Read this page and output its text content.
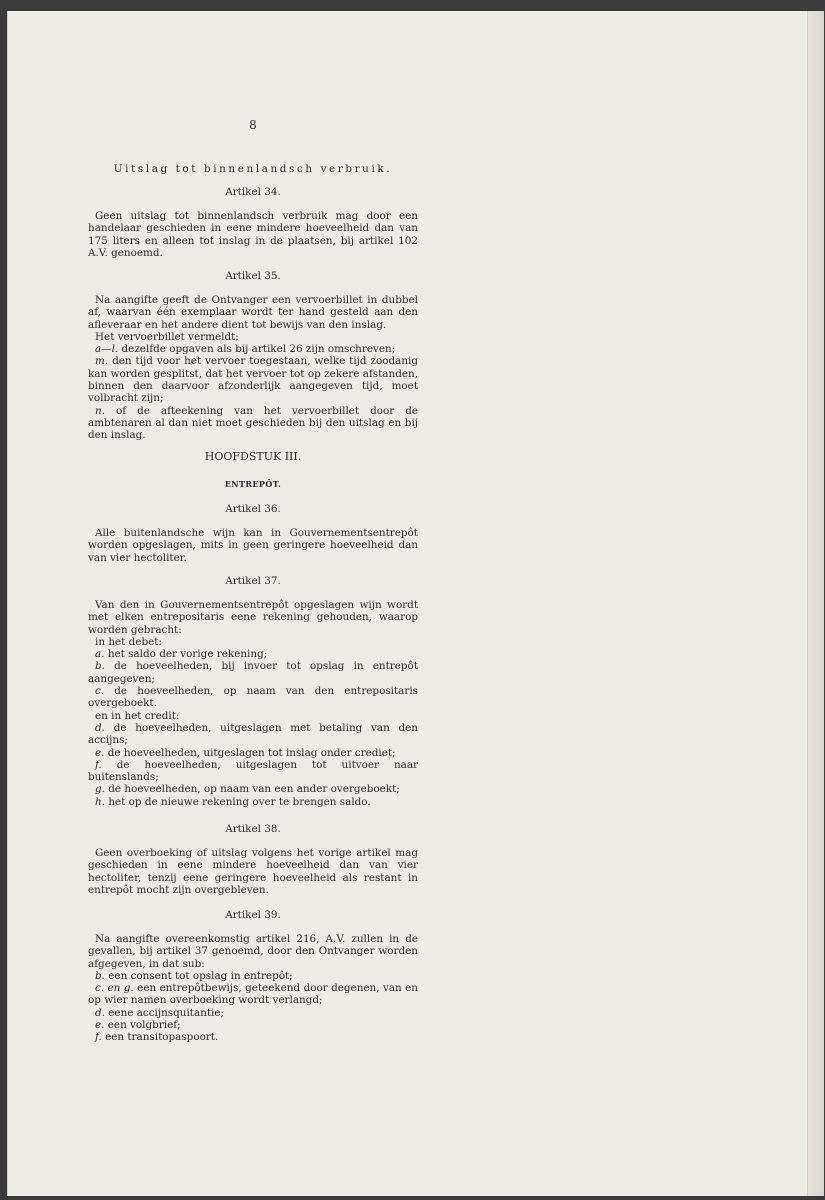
8
Uitslag tot binnenlandsch verbruik.
Artikel 34.

Geen uitslag tot binnenlandsch verbruik mag door een handelaar geschieden in eene mindere hoeveelheid dan van 175 liters en alleen tot inslag in de plaatsen, bij artikel 102 A.V. genoemd.

Artikel 35.

Na aangifte geeft de Ontvanger een vervoerbillet in dubbel af, waarvan één exemplaar wordt ter hand gesteld aan den afleveraar en het andere dient tot bewijs van den inslag.

Het vervoerbillet vermeldt:

a—l. dezelfde opgaven als bij artikel 26 zijn omschreven;

m. den tijd voor het vervoer toegestaan, welke tijd zoodanig kan worden gesplitst, dat het vervoer tot op zekere afstanden, binnen den daarvoor afzonderlijk aangegeven tijd, moet volbracht zijn;

n. of de afteekening van het vervoerbillet door de ambtenaren al dan niet moet geschieden bij den uitslag en bij den inslag.

HOOFDSTUK III.
ENTREPÔT.
Artikel 36.

Alle buitenlandsche wijn kan in Gouvernementsentrepôt worden opgeslagen, mits in geen geringere hoeveelheid dan van vier hectoliter.

Artikel 37.

Van den in Gouvernementsentrepôt opgeslagen wijn wordt met elken entrepositaris eene rekening gehouden, waarop worden gebracht:

in het debet:

a. het saldo der vorige rekening;

b. de hoeveelheden, bij invoer tot opslag in entrepôt aangegeven;

c. de hoeveelheden, op naam van den entrepositaris overgeboekt.

en in het credit:

d. de hoeveelheden, uitgeslagen met betaling van den accijns;

e. de hoeveelheden, uitgeslagen tot inslag onder crediet;

f. de hoeveelheden, uitgeslagen tot uitvoer naar buitenslands;

g. de hoeveelheden, op naam van een ander overgeboekt;

h. het op de nieuwe rekening over te brengen saldo.

Artikel 38.

Geen overboeking of uitslag volgens het vorige artikel mag geschieden in eene mindere hoeveelheid dan van vier hectoliter, tenzij eene geringere hoeveelheid als restant in entrepôt mocht zijn overgebleven.

Artikel 39.

Na aangifte overeenkomstig artikel 216, A.V. zullen in de gevallen, bij artikel 37 genoemd, door den Ontvanger worden afgegeven, in dat sub:

b. een consent tot opslag in entrepôt;

c. en g. een entrepôtbewijs, geteekend door degenen, van en op wier namen overboeking wordt verlangd;

d. eene accijnsquitantie;

e. een volgbrief;

f. een transitopaspoort.
